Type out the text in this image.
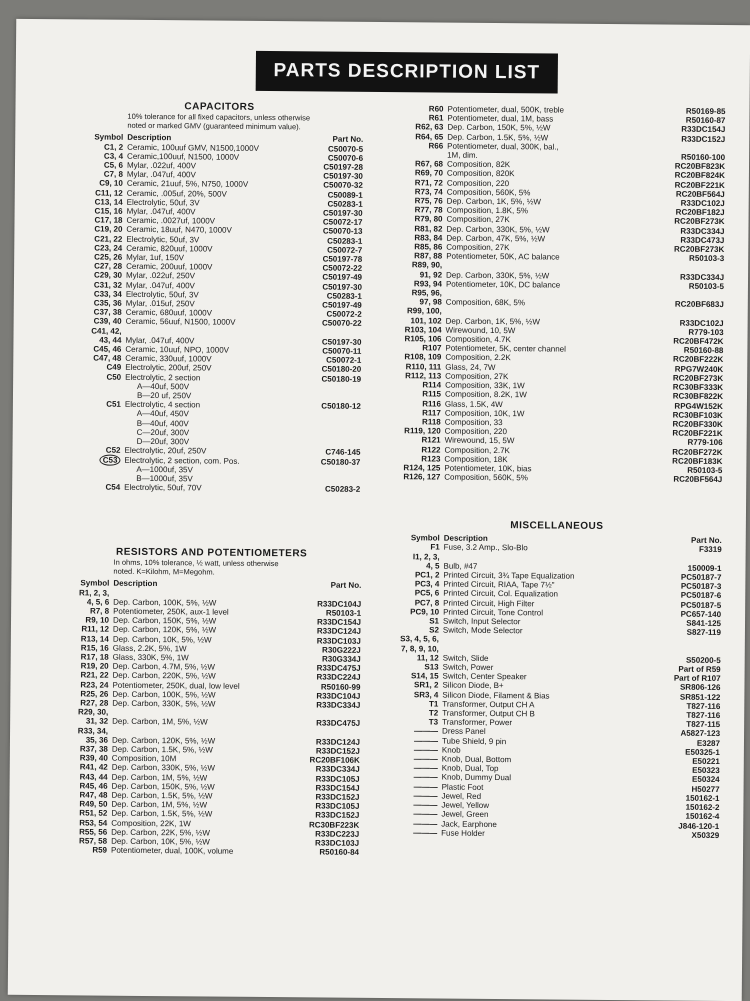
PARTS DESCRIPTION LIST
CAPACITORS
10% tolerance for all fixed capacitors, unless otherwise
noted or marked GMV (guaranteed minimum value).
Symbol Description	Part No.
C1, 2 Ceramic, 100uuf GMV, N1500,1000V	C50070-5
C3, 4 Ceramic,100uuf, N1500, 1000V	C50070-6
C5, 6 Mylar, .022uf, 400V	C50197-28
C7, 8 Mylar, .047uf, 400V	C50197-30
C9, 10 Ceramic, 21uuf, 5%, N750, 1000V	C50070-32
C11, 12 Ceramic, .005uf, 20%, 500V	C50089-1
C13, 14 Electrolytic, 50uf, 3V	C50283-1
C15, 16 Mylar, .047uf, 400V	C50197-30
C17, 18 Ceramic, .0027uf, 1000V	C50072-17
C19, 20 Ceramic, 18uuf, N470, 1000V	C50070-13
C21, 22 Electrolytic, 50uf, 3V	C50283-1
C23, 24 Ceramic, 820uuf, 1000V	C50072-7
C25, 26 Mylar, 1uf, 150V	C50197-78
C27, 28 Ceramic, 200uuf, 1000V	C50072-22
C29, 30 Mylar, .022uf, 250V	C50197-49
C31, 32 Mylar, .047uf, 400V	C50197-30
C33, 34 Electrolytic, 50uf, 3V	C50283-1
C35, 36 Mylar, .015uf, 250V	C50197-49
C37, 38 Ceramic, 680uuf, 1000V	C50072-2
C39, 40 Ceramic, 56uuf, N1500, 1000V	C50070-22
C41, 42,
43, 44 Mylar, .047uf, 400V	C50197-30
C45, 46 Ceramic, 10uuf, NPO, 1000V	C50070-11
C47, 48 Ceramic, 330uuf, 1000V	C50072-1
C49 Electrolytic, 200uf, 250V	C50180-20
C50 Electrolytic, 2 section	C50180-19
A—40uf, 500V
B—20 uf, 250V
C51 Electrolytic, 4 section	C50180-12
A—40uf, 450V
B—40uf, 400V
C—20uf, 300V
D—20uf, 300V
C52 Electrolytic, 20uf, 250V	C746-145
C53 Electrolytic, 2 section, com. Pos.	C50180-37
A—1000uf, 35V
B—1000uf, 35V
C54 Electrolytic, 50uf, 70V	C50283-2
RESISTORS AND POTENTIOMETERS
In ohms, 10% tolerance, ½ watt, unless otherwise
noted. K=Kilohm, M=Megohm.
Symbol Description	Part No.
R1, 2, 3,
4, 5, 6 Dep. Carbon, 100K, 5%, ½W	R33DC104J
R7, 8 Potentiometer, 250K, aux-1 level	R50103-1
R9, 10 Dep. Carbon, 150K, 5%, ½W	R33DC154J
R11, 12 Dep. Carbon, 120K, 5%, ½W	R33DC124J
R13, 14 Dep. Carbon, 10K, 5%, ½W	R33DC103J
R15, 16 Glass, 2.2K, 5%, 1W	R30G222J
R17, 18 Glass, 330K, 5%, 1W	R30G334J
R19, 20 Dep. Carbon, 4.7M, 5%, ½W	R33DC475J
R21, 22 Dep. Carbon, 220K, 5%, ½W	R33DC224J
R23, 24 Potentiometer, 250K, dual, low level	R50160-99
R25, 26 Dep. Carbon, 100K, 5%, ½W	R33DC104J
R27, 28 Dep. Carbon, 330K, 5%, ½W	R33DC334J
R29, 30,
31, 32 Dep. Carbon, 1M, 5%, ½W	R33DC475J
R33, 34,
35, 36 Dep. Carbon, 120K, 5%, ½W	R33DC124J
R37, 38 Dep. Carbon, 1.5K, 5%, ½W	R33DC152J
R39, 40 Composition, 10M	RC20BF106K
R41, 42 Dep. Carbon, 330K, 5%, ½W	R33DC334J
R43, 44 Dep. Carbon, 1M, 5%, ½W	R33DC105J
R45, 46 Dep. Carbon, 150K, 5%, ½W	R33DC154J
R47, 48 Dep. Carbon, 1.5K, 5%, ½W	R33DC152J
R49, 50 Dep. Carbon, 1M, 5%, ½W	R33DC105J
R51, 52 Dep. Carbon, 1.5K, 5%, ½W	R33DC152J
R53, 54 Composition, 22K, 1W	RC30BF223K
R55, 56 Dep. Carbon, 22K, 5%, ½W	R33DC223J
R57, 58 Dep. Carbon, 10K, 5%, ½W	R33DC103J
R59 Potentiometer, dual, 100K, volume	R50160-84
R60 Potentiometer, dual, 500K, treble	R50169-85
R61 Potentiometer, dual, 1M, bass	R50160-87
R62, 63 Dep. Carbon, 150K, 5%, ½W	R33DC154J
R64, 65 Dep. Carbon, 1.5K, 5%, ½W	R33DC152J
R66 Potentiometer, dual, 300K, bal.,
1M, dim.	R50160-100
R67, 68 Composition, 82K	RC20BF823K
R69, 70 Composition, 820K	RC20BF824K
R71, 72 Composition, 220	RC20BF221K
R73, 74 Composition, 560K, 5%	RC20BF564J
R75, 76 Dep. Carbon, 1K, 5%, ½W	R33DC102J
R77, 78 Composition, 1.8K, 5%	RC20BF182J
R79, 80 Composition, 27K	RC20BF273K
R81, 82 Dep. Carbon, 330K, 5%, ½W	R33DC334J
R83, 84 Dep. Carbon, 47K, 5%, ½W	R33DC473J
R85, 86 Composition, 27K	RC20BF273K
R87, 88 Potentiometer, 50K, AC balance	R50103-3
R89, 90,
91, 92 Dep. Carbon, 330K, 5%, ½W	R33DC334J
R93, 94 Potentiometer, 10K, DC balance	R50103-5
R95, 96,
97, 98 Composition, 68K, 5%	RC20BF683J
R99, 100,
101, 102 Dep. Carbon, 1K, 5%, ½W	R33DC102J
R103, 104 Wirewound, 10, 5W	R779-103
R105, 106 Composition, 4.7K	RC20BF472K
R107 Potentiometer, 5K, center channel	R50160-88
R108, 109 Composition, 2.2K	RC20BF222K
R110, 111 Glass, 24, 7W	RPG7W240K
R112, 113 Composition, 27K	RC20BF273K
R114 Composition, 33K, 1W	RC30BF333K
R115 Composition, 8.2K, 1W	RC30BF822K
R116 Glass, 1.5K, 4W	RPG4W152K
R117 Composition, 10K, 1W	RC30BF103K
R118 Composition, 33	RC20BF330K
R119, 120 Composition, 220	RC20BF221K
R121 Wirewound, 15, 5W	R779-106
R122 Composition, 2.7K	RC20BF272K
R123 Composition, 18K	RC20BF183K
R124, 125 Potentiometer, 10K, bias	R50103-5
R126, 127 Composition, 560K, 5%	RC20BF564J
MISCELLANEOUS
Symbol Description	Part No.
F1 Fuse, 3.2 Amp., Slo-Blo	F3319
I1, 2, 3,
4, 5 Bulb, #47	150009-1
PC1, 2 Printed Circuit, 3¾ Tape Equalization	PC50187-7
PC3, 4 Printed Circuit, RIAA, Tape 7½"	PC50187-3
PC5, 6 Printed Circuit, Col. Equalization	PC50187-6
PC7, 8 Printed Circuit, High Filter	PC50187-5
PC9, 10 Printed Circuit, Tone Control	PC657-140
S1 Switch, Input Selector	S841-125
S2 Switch, Mode Selector	S827-119
S3, 4, 5, 6,
7, 8, 9, 10,
11, 12 Switch, Slide	S50200-5
S13 Switch, Power	Part of R59
S14, 15 Switch, Center Speaker	Part of R107
SR1, 2 Silicon Diode, B+	SR806-126
SR3, 4 Silicon Diode, Filament & Bias	SR851-122
T1 Transformer, Output CH A	T827-116
T2 Transformer, Output CH B	T827-116
T3 Transformer, Power	T827-115
——— Dress Panel	A5827-123
——— Tube Shield, 9 pin	E3287
——— Knob	E50325-1
——— Knob, Dual, Bottom	E50221
——— Knob, Dual, Top	E50323
——— Knob, Dummy Dual	E50324
——— Plastic Foot	H50277
——— Jewel, Red	150162-1
——— Jewel, Yellow	150162-2
——— Jewel, Green	150162-4
——— Jack, Earphone	J846-120-1
——— Fuse Holder	X50329
